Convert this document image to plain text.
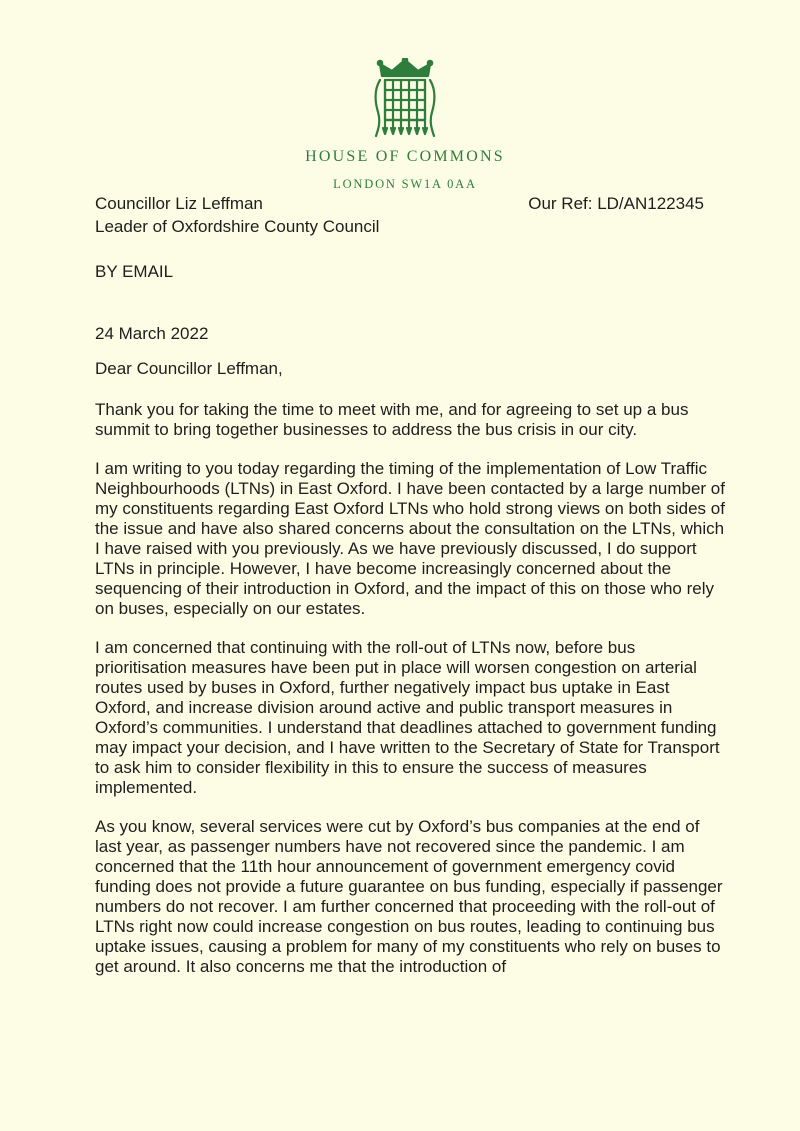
HOUSE OF COMMONS
LONDON SW1A 0AA
Our Ref: LD/AN122345
Councillor Liz Leffman
Leader of Oxfordshire County Council
BY EMAIL
24 March 2022
Dear Councillor Leffman,

Thank you for taking the time to meet with me, and for agreeing to set up a bus summit to bring together businesses to address the bus crisis in our city.

I am writing to you today regarding the timing of the implementation of Low Traffic Neighbourhoods (LTNs) in East Oxford. I have been contacted by a large number of my constituents regarding East Oxford LTNs who hold strong views on both sides of the issue and have also shared concerns about the consultation on the LTNs, which I have raised with you previously. As we have previously discussed, I do support LTNs in principle. However, I have become increasingly concerned about the sequencing of their introduction in Oxford, and the impact of this on those who rely on buses, especially on our estates.

I am concerned that continuing with the roll-out of LTNs now, before bus prioritisation measures have been put in place will worsen congestion on arterial routes used by buses in Oxford, further negatively impact bus uptake in East Oxford, and increase division around active and public transport measures in Oxford’s communities. I understand that deadlines attached to government funding may impact your decision, and I have written to the Secretary of State for Transport to ask him to consider flexibility in this to ensure the success of measures implemented.

As you know, several services were cut by Oxford’s bus companies at the end of last year, as passenger numbers have not recovered since the pandemic. I am concerned that the 11th hour announcement of government emergency covid funding does not provide a future guarantee on bus funding, especially if passenger numbers do not recover. I am further concerned that proceeding with the roll-out of LTNs right now could increase congestion on bus routes, leading to continuing bus uptake issues, causing a problem for many of my constituents who rely on buses to get around. It also concerns me that the introduction of
